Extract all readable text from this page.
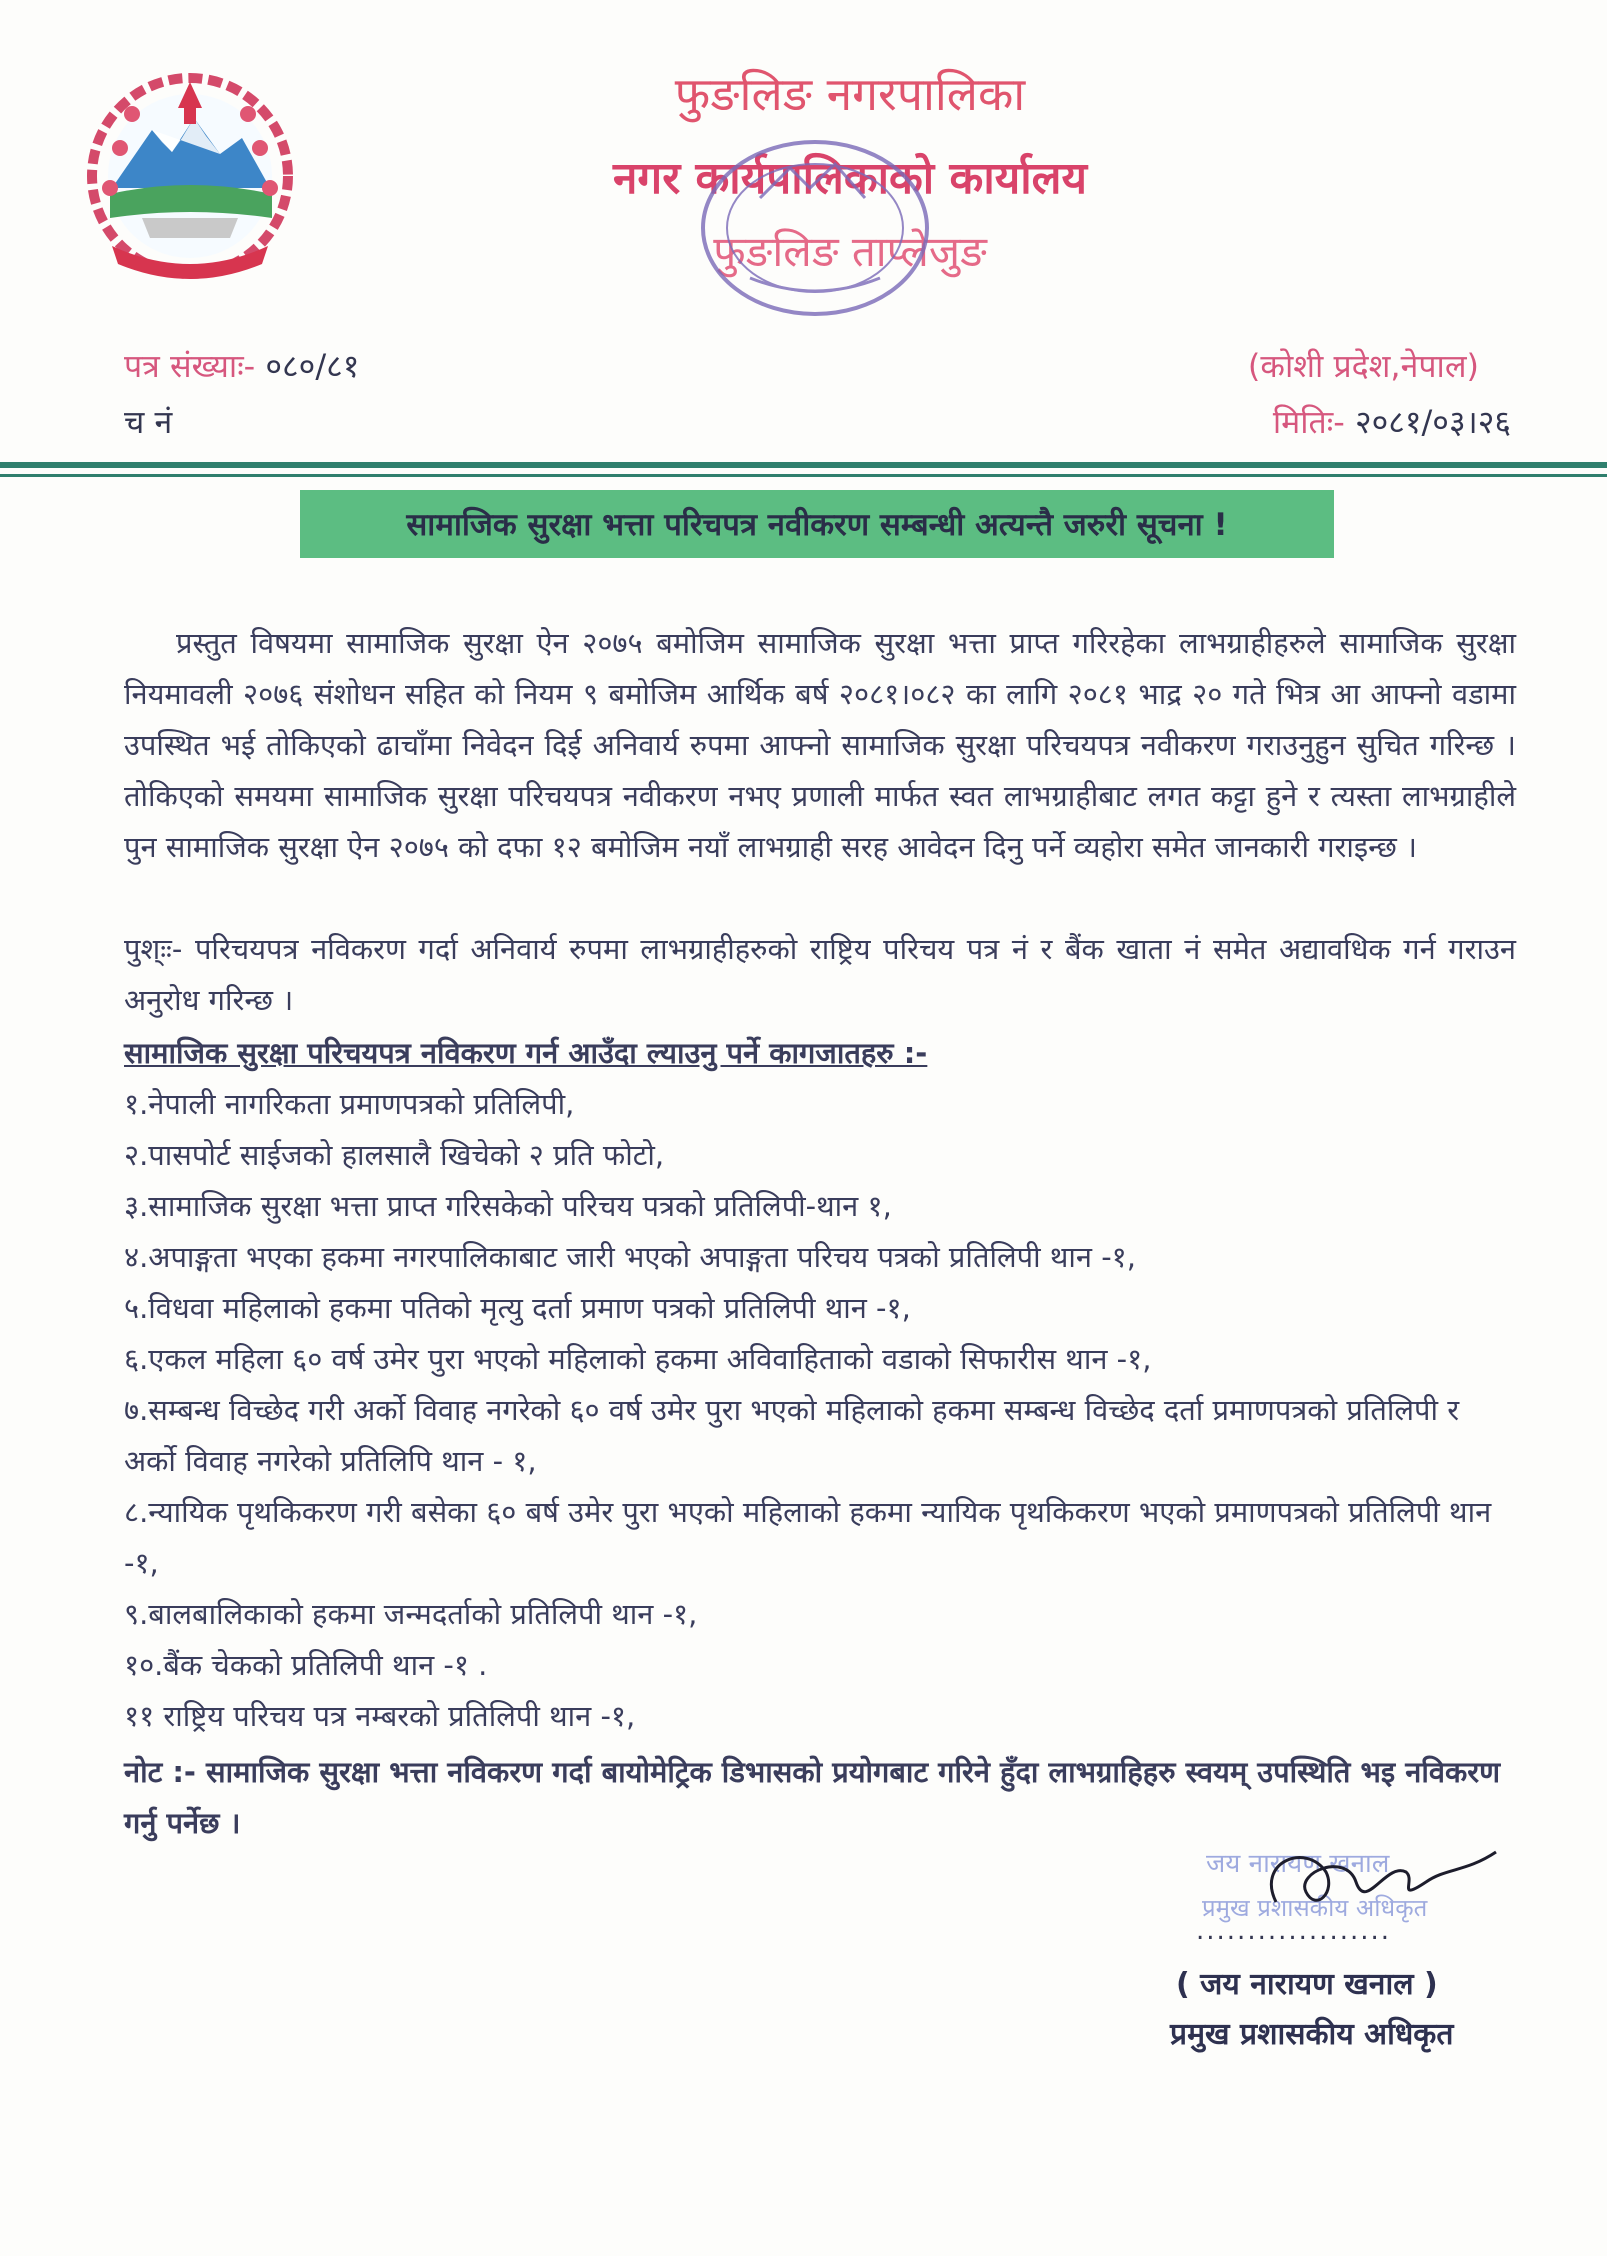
फुङलिङ नगरपालिका
नगर कार्यपालिकाको कार्यालय
फुङलिङ ताप्लेजुङ
पत्र संख्याः- ०८०/८१
च नं
(कोशी प्रदेश,नेपाल)
मितिः- २०८१/०३।२६
सामाजिक सुरक्षा भत्ता परिचपत्र नवीकरण सम्बन्धी अत्यन्तै जरुरी सूचना !
प्रस्तुत विषयमा सामाजिक सुरक्षा ऐन २०७५ बमोजिम सामाजिक सुरक्षा भत्ता प्राप्त गरिरहेका लाभग्राहीहरुले सामाजिक सुरक्षा नियमावली २०७६ संशोधन सहित को नियम ९ बमोजिम आर्थिक बर्ष २०८१।०८२ का लागि २०८१ भाद्र २० गते भित्र आ आफ्नो वडामा उपस्थित भई तोकिएको ढाचाँमा निवेदन दिई अनिवार्य रुपमा आफ्नो सामाजिक सुरक्षा परिचयपत्र नवीकरण गराउनुहुन सुचित गरिन्छ । तोकिएको समयमा सामाजिक सुरक्षा परिचयपत्र नवीकरण नभए प्रणाली मार्फत स्वत लाभग्राहीबाट लगत कट्टा हुने र त्यस्ता लाभग्राहीले पुन सामाजिक सुरक्षा ऐन २०७५ को दफा १२ बमोजिम नयाँ लाभग्राही सरह आवेदन दिनु पर्ने व्यहोरा समेत जानकारी गराइन्छ ।
पुश्ःः- परिचयपत्र नविकरण गर्दा अनिवार्य रुपमा लाभग्राहीहरुको राष्ट्रिय परिचय पत्र नं र बैंक खाता नं समेत अद्यावधिक गर्न गराउन अनुरोध गरिन्छ ।
सामाजिक सुरक्षा परिचयपत्र नविकरण गर्न आउँदा ल्याउनु पर्ने कागजातहरु :-
१.नेपाली नागरिकता प्रमाणपत्रको प्रतिलिपी,
२.पासपोर्ट साईजको हालसालै खिचेको २ प्रति फोटो,
३.सामाजिक सुरक्षा भत्ता प्राप्त गरिसकेको परिचय पत्रको प्रतिलिपी-थान १,
४.अपाङ्गता भएका हकमा नगरपालिकाबाट जारी भएको अपाङ्गता परिचय पत्रको प्रतिलिपी थान -१,
५.विधवा महिलाको हकमा पतिको मृत्यु दर्ता प्रमाण पत्रको प्रतिलिपी थान -१,
६.एकल महिला ६० वर्ष उमेर पुरा भएको महिलाको हकमा अविवाहिताको वडाको सिफारीस थान -१,
७.सम्बन्ध विच्छेद गरी अर्को विवाह नगरेको ६० वर्ष उमेर पुरा भएको महिलाको हकमा सम्बन्ध विच्छेद दर्ता प्रमाणपत्रको प्रतिलिपी र अर्को विवाह नगरेको प्रतिलिपि थान - १,
८.न्यायिक पृथकिकरण गरी बसेका ६० बर्ष उमेर पुरा भएको महिलाको हकमा न्यायिक पृथकिकरण भएको प्रमाणपत्रको प्रतिलिपी थान -१,
९.बालबालिकाको हकमा जन्मदर्ताको प्रतिलिपी थान -१,
१०.बैंक चेकको प्रतिलिपी थान -१ .
११ राष्ट्रिय परिचय पत्र नम्बरको प्रतिलिपी थान -१,
नोट :- सामाजिक सुरक्षा भत्ता नविकरण गर्दा बायोमेट्रिक डिभासको प्रयोगबाट गरिने हुँदा लाभग्राहिहरु स्वयम् उपस्थिति भइ नविकरण गर्नु पर्नेछ ।
जय नारायण खनाल
प्रमुख प्रशासकीय अधिकृत
...................
( जय नारायण खनाल )
प्रमुख प्रशासकीय अधिकृत
